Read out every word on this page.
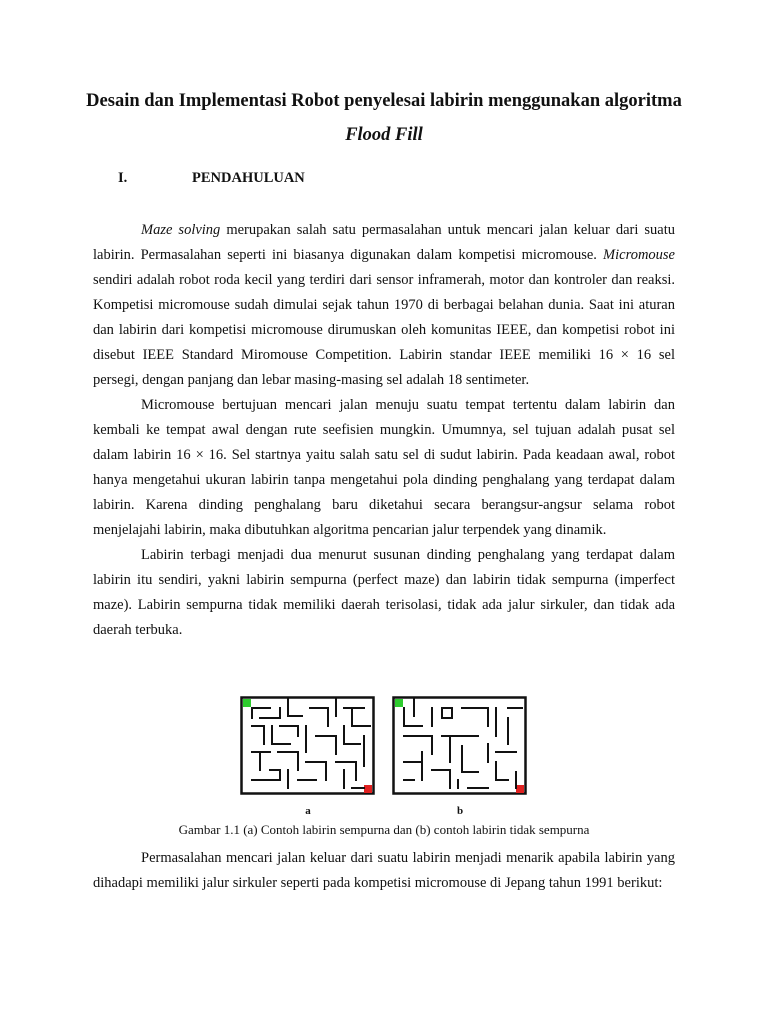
Desain dan Implementasi Robot penyelesai labirin menggunakan algoritma
Flood Fill
I.	PENDAHULUAN

Maze solving merupakan salah satu permasalahan untuk mencari jalan keluar dari suatu labirin. Permasalahan seperti ini biasanya digunakan dalam kompetisi micromouse. Micromouse sendiri adalah robot roda kecil yang terdiri dari sensor inframerah, motor dan kontroler dan reaksi. Kompetisi micromouse sudah dimulai sejak tahun 1970 di berbagai belahan dunia. Saat ini aturan dan labirin dari kompetisi micromouse dirumuskan oleh komunitas IEEE, dan kompetisi robot ini disebut IEEE Standard Miromouse Competition. Labirin standar IEEE memiliki 16 × 16 sel persegi, dengan panjang dan lebar masing-masing sel adalah 18 sentimeter.

Micromouse bertujuan mencari jalan menuju suatu tempat tertentu dalam labirin dan kembali ke tempat awal dengan rute seefisien mungkin. Umumnya, sel tujuan adalah pusat sel dalam labirin 16 × 16. Sel startnya yaitu salah satu sel di sudut labirin. Pada keadaan awal, robot hanya mengetahui ukuran labirin tanpa mengetahui pola dinding penghalang yang terdapat dalam labirin. Karena dinding penghalang baru diketahui secara berangsur-angsur selama robot menjelajahi labirin, maka dibutuhkan algoritma pencarian jalur terpendek yang dinamik.

Labirin terbagi menjadi dua menurut susunan dinding penghalang yang terdapat dalam labirin itu sendiri, yakni labirin sempurna (perfect maze) dan labirin tidak sempurna (imperfect maze). Labirin sempurna tidak memiliki daerah terisolasi, tidak ada jalur sirkuler, dan tidak ada daerah terbuka.

a	b
Gambar 1.1 (a) Contoh labirin sempurna dan (b) contoh labirin tidak sempurna

Permasalahan mencari jalan keluar dari suatu labirin menjadi menarik apabila labirin yang dihadapi memiliki jalur sirkuler seperti pada kompetisi micromouse di Jepang tahun 1991 berikut:
